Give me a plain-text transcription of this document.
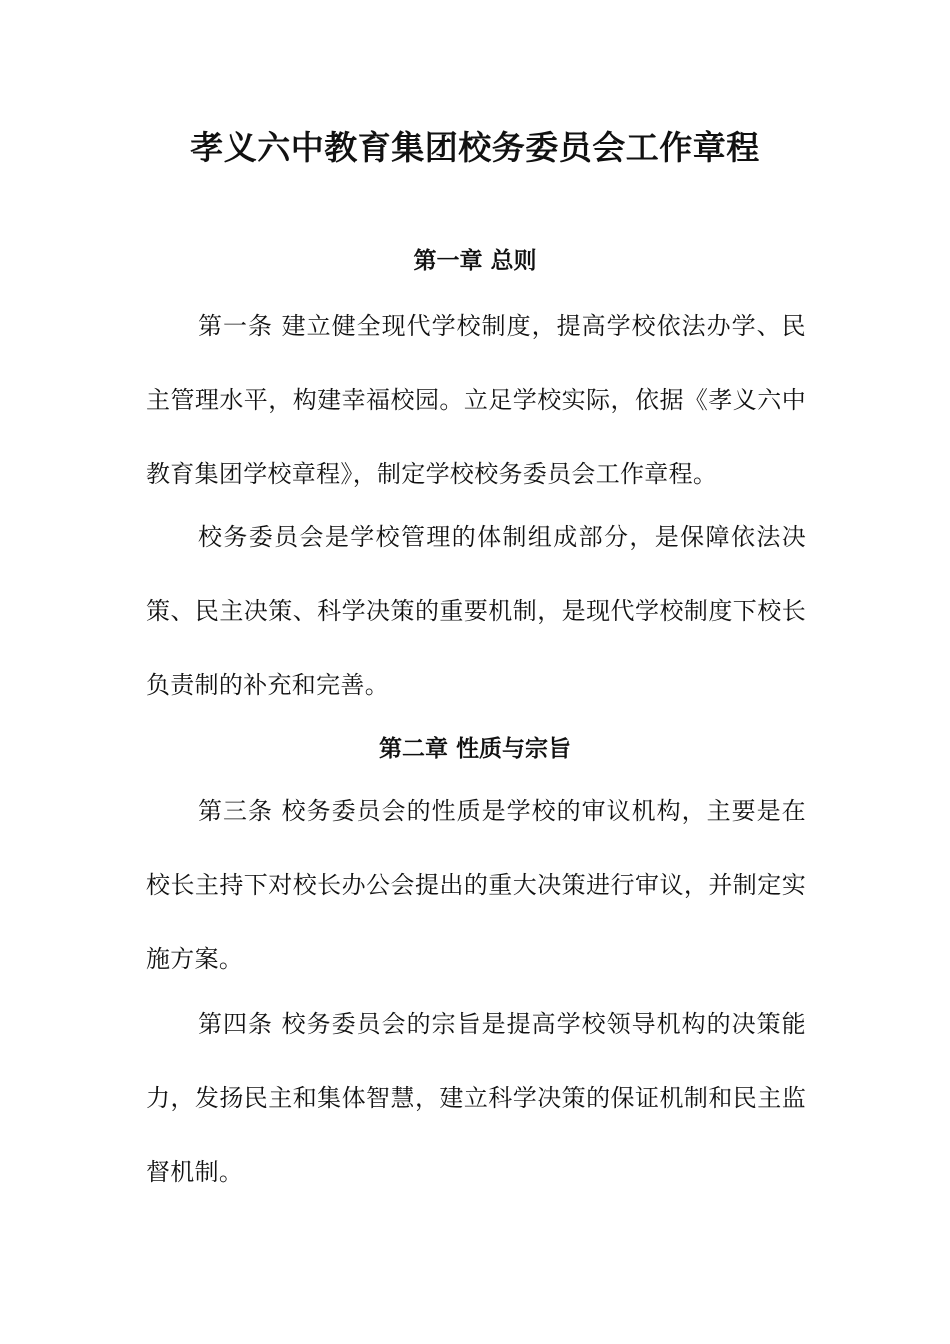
孝义六中教育集团校务委员会工作章程
第一章 总则

第一条 建立健全现代学校制度，提高学校依法办学、民主管理水平，构建幸福校园。立足学校实际，依据《孝义六中教育集团学校章程》，制定学校校务委员会工作章程。

校务委员会是学校管理的体制组成部分，是保障依法决策、民主决策、科学决策的重要机制，是现代学校制度下校长负责制的补充和完善。

第二章 性质与宗旨

第三条 校务委员会的性质是学校的审议机构，主要是在校长主持下对校长办公会提出的重大决策进行审议，并制定实施方案。

第四条 校务委员会的宗旨是提高学校领导机构的决策能力，发扬民主和集体智慧，建立科学决策的保证机制和民主监督机制。
